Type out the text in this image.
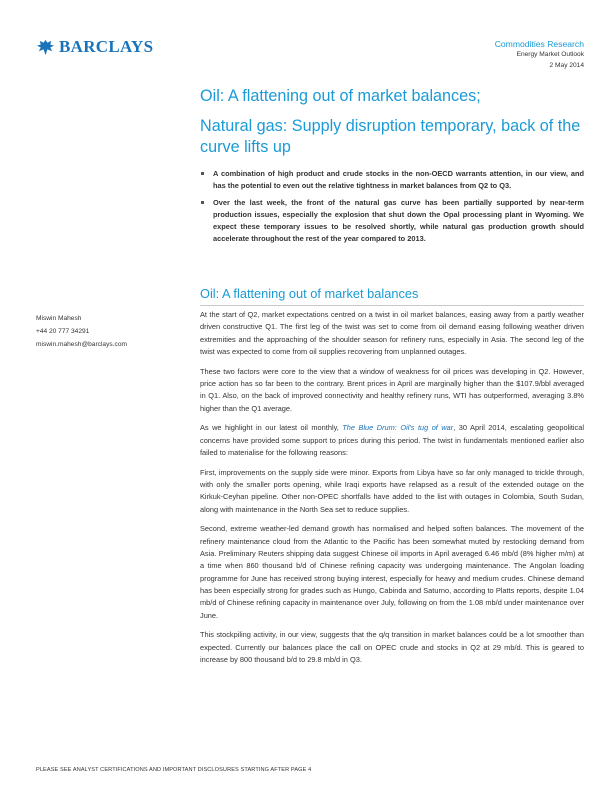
BARCLAYS	Commodities Research
Energy Market Outlook
2 May 2014
Oil: A flattening out of market balances;
Natural gas: Supply disruption temporary, back of the curve lifts up
A combination of high product and crude stocks in the non-OECD warrants attention, in our view, and has the potential to even out the relative tightness in market balances from Q2 to Q3.
Over the last week, the front of the natural gas curve has been partially supported by near-term production issues, especially the explosion that shut down the Opal processing plant in Wyoming. We expect these temporary issues to be resolved shortly, while natural gas production growth should accelerate throughout the rest of the year compared to 2013.
Oil: A flattening out of market balances
Miswin Mahesh
+44 20 777 34291
miswin.mahesh@barclays.com

At the start of Q2, market expectations centred on a twist in oil market balances, easing away from a partly weather driven constructive Q1. The first leg of the twist was set to come from oil demand easing following weather driven extremities and the approaching of the shoulder season for refinery runs, especially in Asia. The second leg of the twist was expected to come from oil supplies recovering from unplanned outages.

These two factors were core to the view that a window of weakness for oil prices was developing in Q2. However, price action has so far been to the contrary. Brent prices in April are marginally higher than the $107.9/bbl averaged in Q1. Also, on the back of improved connectivity and healthy refinery runs, WTI has outperformed, averaging 3.8% higher than the Q1 average.

As we highlight in our latest oil monthly, The Blue Drum: Oil's tug of war, 30 April 2014, escalating geopolitical concerns have provided some support to prices during this period. The twist in fundamentals mentioned earlier also failed to materialise for the following reasons:

First, improvements on the supply side were minor. Exports from Libya have so far only managed to trickle through, with only the smaller ports opening, while Iraqi exports have relapsed as a result of the extended outage on the Kirkuk-Ceyhan pipeline. Other non-OPEC shortfalls have added to the list with outages in Colombia, South Sudan, along with maintenance in the North Sea set to reduce supplies.

Second, extreme weather-led demand growth has normalised and helped soften balances. The movement of the refinery maintenance cloud from the Atlantic to the Pacific has been somewhat muted by restocking demand from Asia. Preliminary Reuters shipping data suggest Chinese oil imports in April averaged 6.46 mb/d (8% higher m/m) at a time when 860 thousand b/d of Chinese refining capacity was undergoing maintenance. The Angolan loading programme for June has received strong buying interest, especially for heavy and medium crudes. Chinese demand has been especially strong for grades such as Hungo, Cabinda and Saturno, according to Platts reports, despite 1.04 mb/d of Chinese refining capacity in maintenance over July, following on from the 1.08 mb/d under maintenance over June.

This stockpiling activity, in our view, suggests that the q/q transition in market balances could be a lot smoother than expected. Currently our balances place the call on OPEC crude and stocks in Q2 at 29 mb/d. This is geared to increase by 800 thousand b/d to 29.8 mb/d in Q3.

PLEASE SEE ANALYST CERTIFICATIONS AND IMPORTANT DISCLOSURES STARTING AFTER PAGE 4
